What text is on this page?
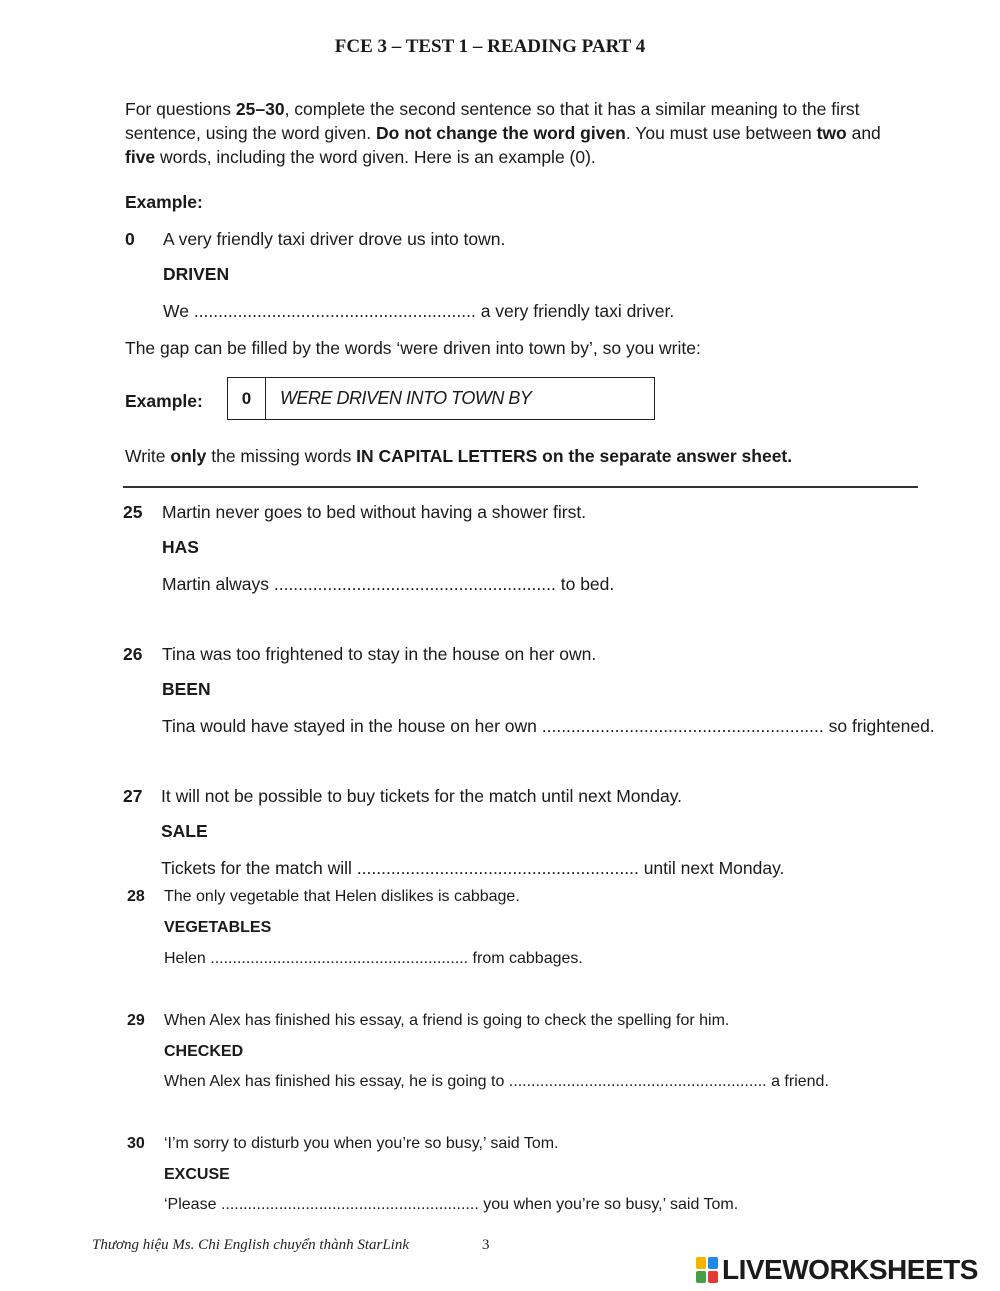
FCE 3 – TEST 1 – READING PART 4

For questions 25–30, complete the second sentence so that it has a similar meaning to the first

sentence, using the word given. Do not change the word given. You must use between two and

five words, including the word given. Here is an example (0).

Example:
0 A very friendly taxi driver drove us into town.
DRIVEN
We .......................................................... a very friendly taxi driver.
The gap can be filled by the words ‘were driven into town by’, so you write:
Example:	0	WERE DRIVEN INTO TOWN BY
Write only the missing words IN CAPITAL LETTERS on the separate answer sheet.
25 Martin never goes to bed without having a shower first.
HAS
Martin always .......................................................... to bed.
26 Tina was too frightened to stay in the house on her own.
BEEN
Tina would have stayed in the house on her own .......................................................... so frightened.
27 It will not be possible to buy tickets for the match until next Monday.
SALE
Tickets for the match will .......................................................... until next Monday.
28 The only vegetable that Helen dislikes is cabbage.
VEGETABLES
Helen .......................................................... from cabbages.
29 When Alex has finished his essay, a friend is going to check the spelling for him.
CHECKED
When Alex has finished his essay, he is going to .......................................................... a friend.
30 ‘I’m sorry to disturb you when you’re so busy,’ said Tom.
EXCUSE
‘Please .......................................................... you when you’re so busy,’ said Tom.
Thương hiệu Ms. Chi English chuyển thành StarLink	3
LIVEWORKSHEETS
